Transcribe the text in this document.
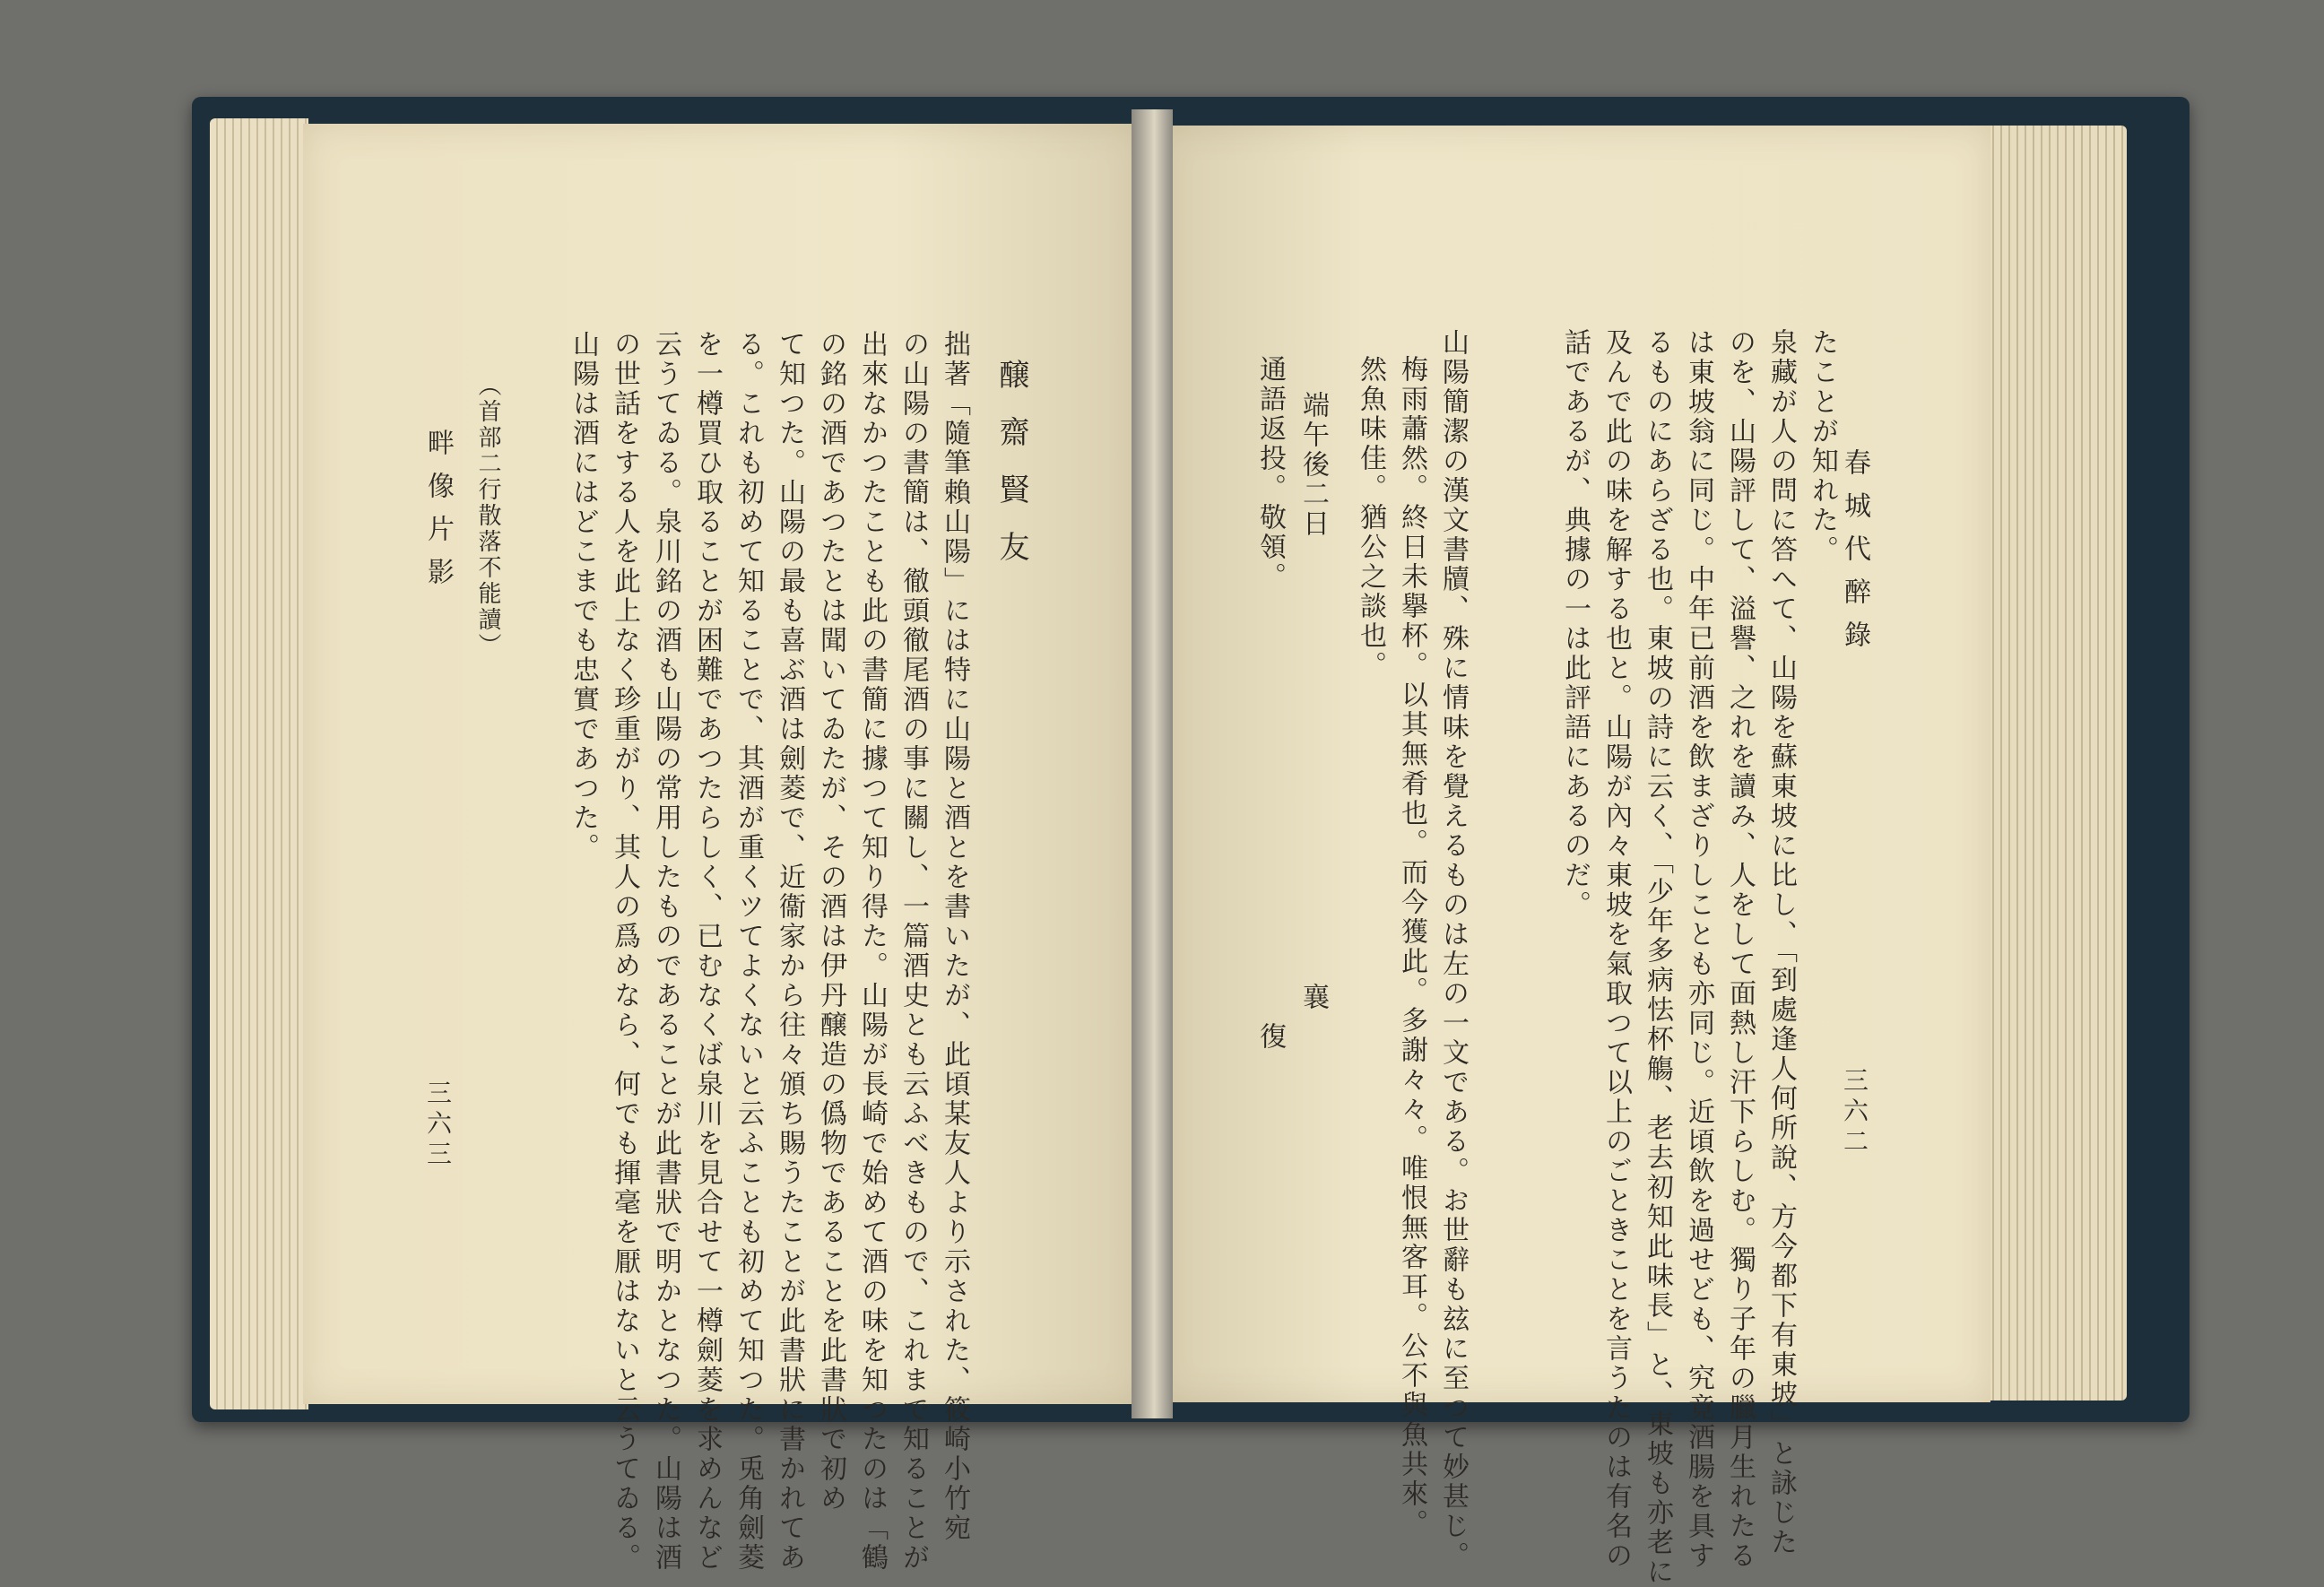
醸齋賢友
拙著「隨筆賴山陽」には特に山陽と酒とを書いたが、此頃某友人より示された、筱崎小竹宛
の山陽の書簡は、徹頭徹尾酒の事に關し、一篇酒史とも云ふべきもので、これまで知ることが
出來なかつたことも此の書簡に據つて知り得た。山陽が長崎で始めて酒の味を知つたのは「鶴
の銘の酒であつたとは聞いてゐたが、その酒は伊丹醸造の僞物であることを此書狀で初め
て知つた。山陽の最も喜ぶ酒は劍菱で、近衞家から往々頒ち賜うたことが此書狀に書かれてあ
る。これも初めて知ることで、其酒が重くツてよくないと云ふことも初めて知つた。兎角劍菱
を一樽買ひ取ることが困難であつたらしく、已むなくば泉川を見合せて一樽劍菱を求めんなど
云うてゐる。泉川銘の酒も山陽の常用したものであることが此書狀で明かとなつた。山陽は酒
の世話をする人を此上なく珍重がり、其人の爲めなら、何でも揮毫を厭はないと云うてゐる。
山陽は酒にはどこまでも忠實であつた。
（首部二行散落不能讀）
畔像片影
三六三
春城代醉錄
三六二
たことが知れた。
泉藏が人の問に答へて、山陽を蘇東坡に比し、「到處逢人何所說、方今都下有東坡」と詠じた
のを、山陽評して、溢譽、之れを讀み、人をして面熱し汗下らしむ。獨り子年の臘月生れたる
は東坡翁に同じ。中年已前酒を飲まざりしことも亦同じ。近頃飲を過せども、究竟酒腸を具す
るものにあらざる也。東坡の詩に云く、「少年多病怯杯觴、老去初知此味長」と、東坡も亦老に
及んで此の味を解する也と。山陽が內々東坡を氣取つて以上のごときことを言うたのは有名の
話であるが、典據の一は此評語にあるのだ。
山陽簡潔の漢文書牘、殊に情味を覺えるものは左の一文である。お世辭も玆に至つて妙甚じ。
梅雨蕭然。終日未擧杯。以其無肴也。而今獲此。多謝々々。唯恨無客耳。公不與魚共來。
然魚味佳。猶公之談也。
端午後二日　　　　　　　　　　　　　　　襄
通語返投。敬領。　　　　　　　　　　　　　　　復
